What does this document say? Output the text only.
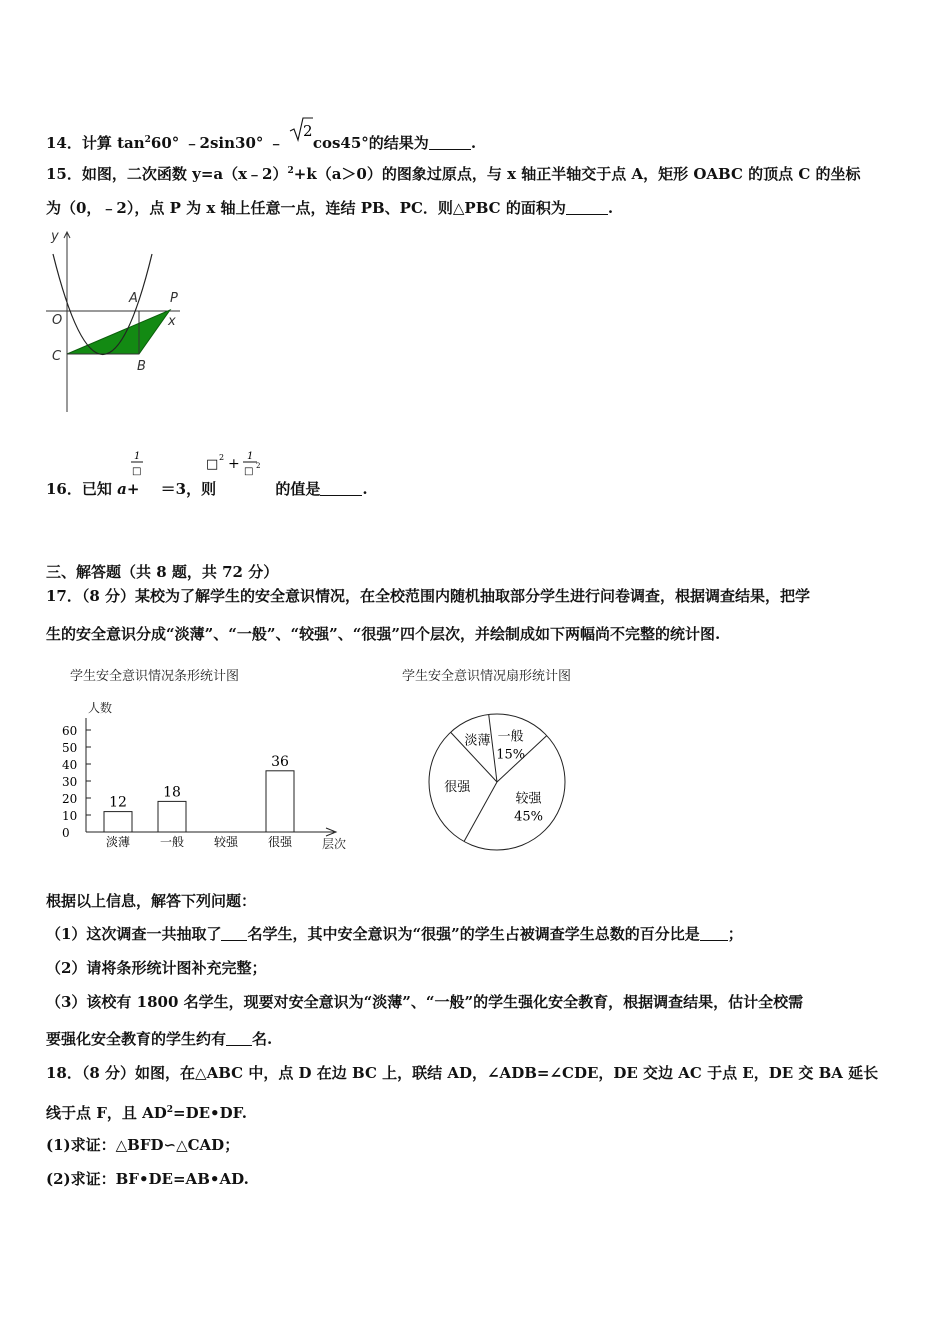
14．计算 $\tan^260^\circ$ ﹣2sin30° ﹣
2
cos45°的结果为	.
15．如图，二次函数 y=a（x﹣2）$^2$+k（a＞0）的图象过原点，与 x 轴正半轴交于点 A，矩形 OABC 的顶点 C 的坐标
为（0，﹣2），点 P 为 x 轴上任意一点，连结 PB、PC．则△PBC 的面积为	.
y
x
O
A P
C
B
1
□	□ 2 + 1
□ 2
16．已知 a+ ＝3，则	的值是	.
三、解答题（共 8 题，共 72 分）
17．（8 分）某校为了解学生的安全意识情况，在全校范围内随机抽取部分学生进行问卷调查，根据调查结果，把学
生的安全意识分成“淡薄”、“一般”、“较强”、“很强”四个层次，并绘制成如下两幅尚不完整的统计图.
学生安全意识情况条形统计图
人数
层次
0
10
20
30
40
50
60
淡薄
12
一般
18
较强 很强
36
学生安全意识情况扇形统计图
较强
45%
一般
15%
淡薄
很强
根据以上信息，解答下列问题：
（1）这次调查一共抽取了 名学生，其中安全意识为“很强”的学生占被调查学生总数的百分比是 ；
（2）请将条形统计图补充完整；
（3）该校有 1800 名学生，现要对安全意识为“淡薄”、“一般”的学生强化安全教育，根据调查结果，估计全校需
要强化安全教育的学生约有 名.
18．（8 分）如图，在△ABC 中，点 D 在边 BC 上，联结 AD，∠ADB=∠CDE，DE 交边 AC 于点 E，DE 交 BA 延长
线于点 F，且 $AD^2=DE•DF$.
(1)求证：△BFD∽△CAD；
(2)求证：BF•DE=AB•AD.
